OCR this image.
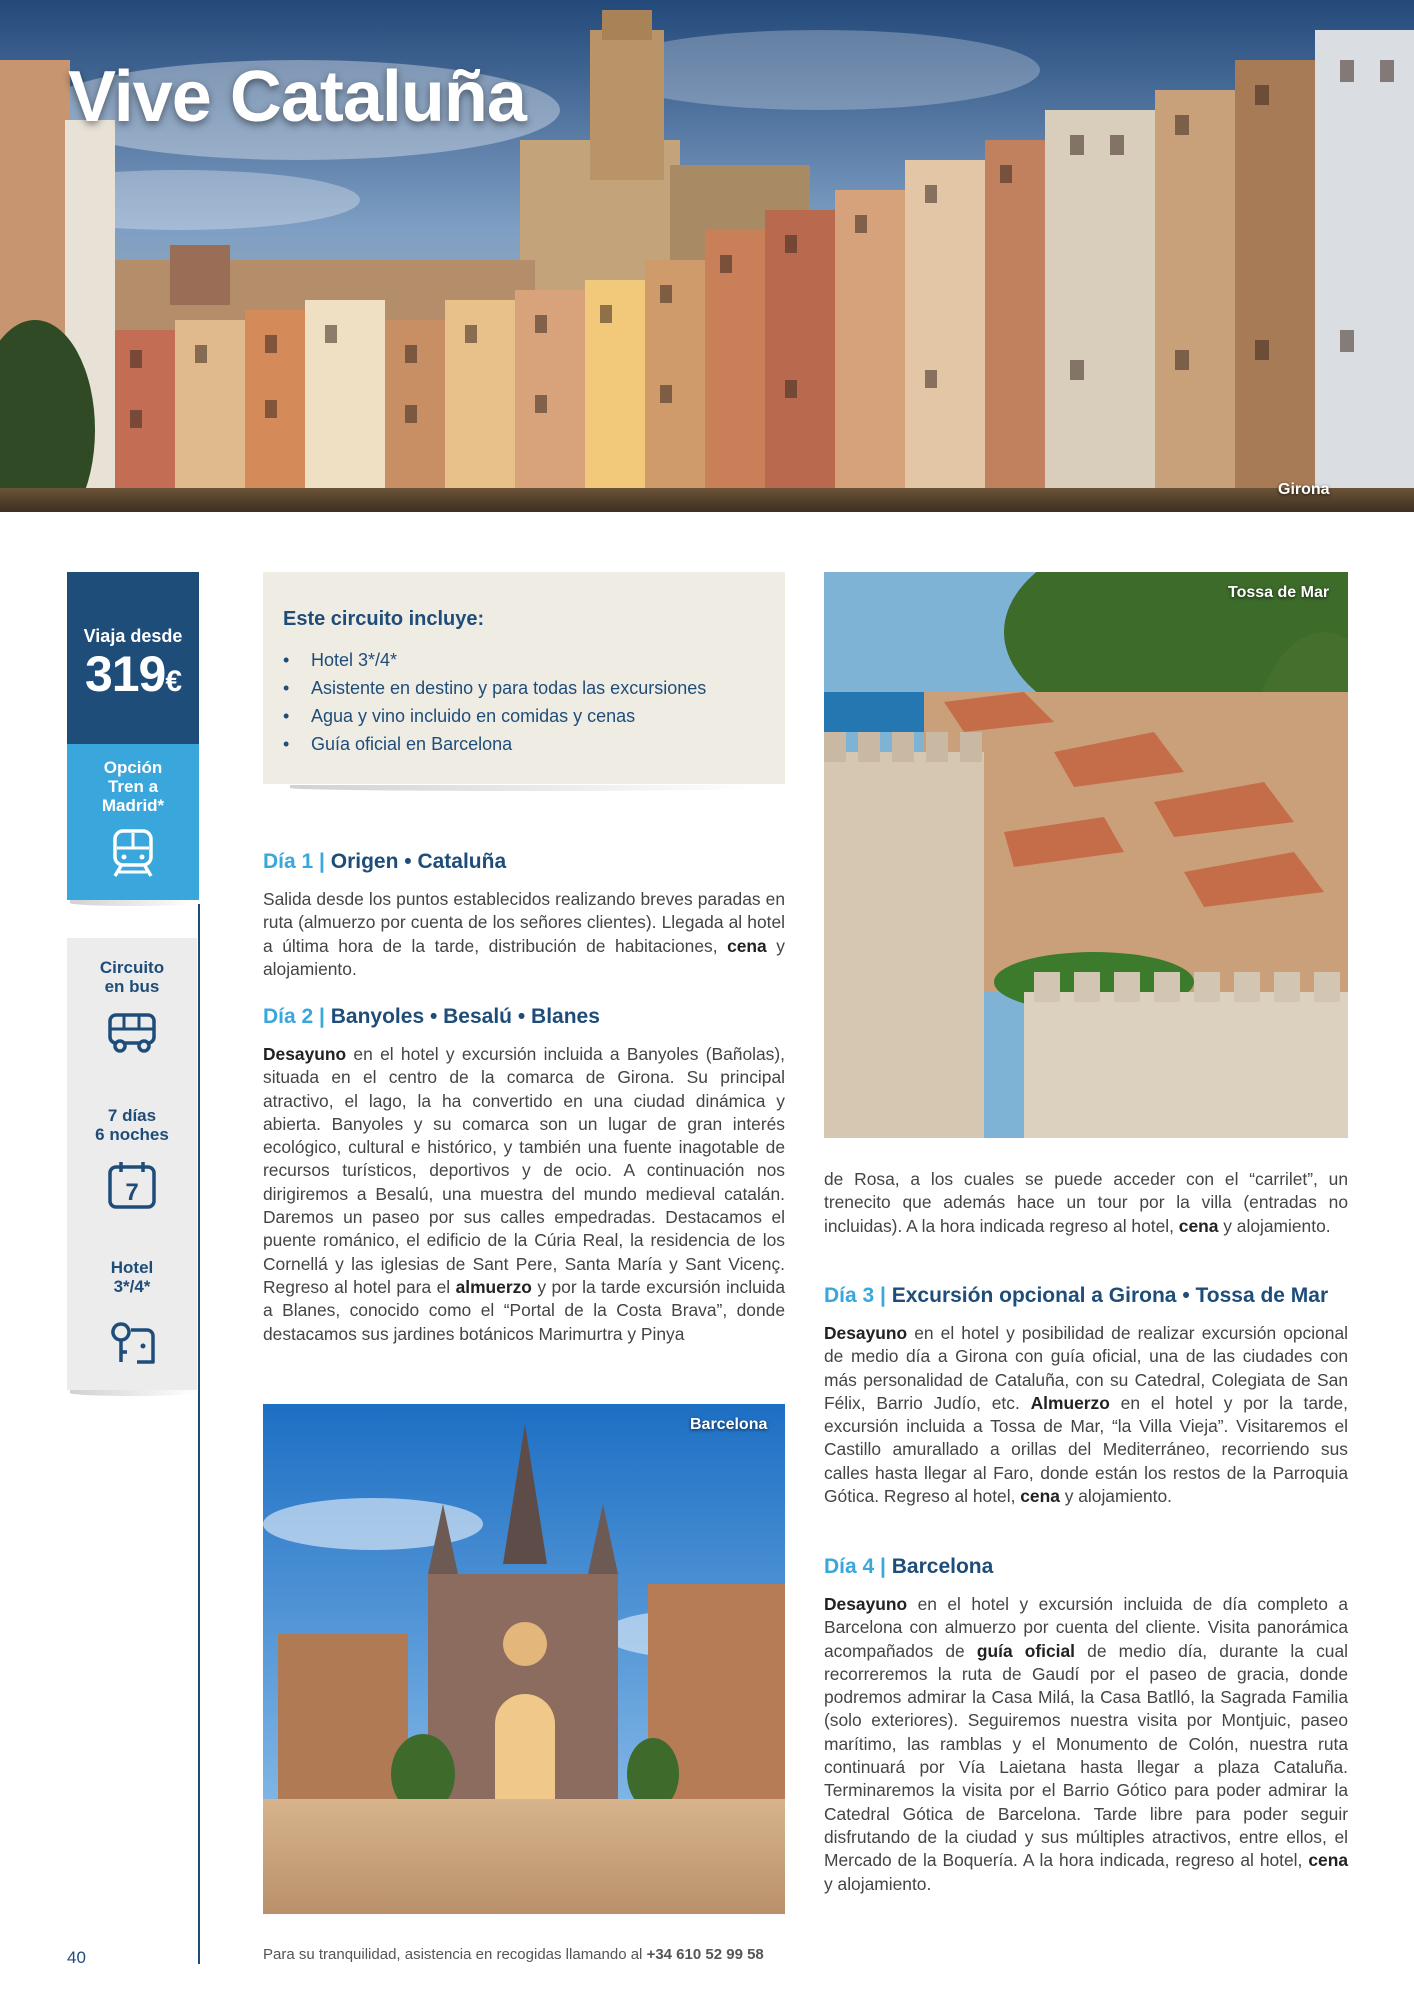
Vive Cataluña
Girona
Viaja desde
319€
Opción
Tren a
Madrid*
Circuito
en bus
7 días
6 noches
7
Hotel
3*/4*
Este circuito incluye:
• Hotel 3*/4*
• Asistente en destino y para todas las excursiones
• Agua y vino incluido en comidas y cenas
• Guía oficial en Barcelona
Día 1 | Origen • Cataluña

Salida desde los puntos establecidos realizando breves paradas en ruta (almuerzo por cuenta de los señores clientes). Llegada al hotel a última hora de la tarde, distribución de habitaciones, cena y alojamiento.

Día 2 | Banyoles • Besalú • Blanes

Desayuno en el hotel y excursión incluida a Banyoles (Bañolas), situada en el centro de la comarca de Girona. Su principal atractivo, el lago, la ha convertido en una ciudad dinámica y abierta. Banyoles y su comarca son un lugar de gran interés ecológico, cultural e histórico, y también una fuente inagotable de recursos turísticos, deportivos y de ocio. A continuación nos dirigiremos a Besalú, una muestra del mundo medieval catalán. Daremos un paseo por sus calles empedradas. Destacamos el puente románico, el edificio de la Cúria Real, la residencia de los Cornellá y las iglesias de Sant Pere, Santa María y Sant Vicenç. Regreso al hotel para el almuerzo y por la tarde excursión incluida a Blanes, conocido como el “Portal de la Costa Brava”, donde destacamos sus jardines botánicos Marimurtra y Pinya

Barcelona
Tossa de Mar

de Rosa, a los cuales se puede acceder con el “carrilet”, un trenecito que además hace un tour por la villa (entradas no incluidas). A la hora indicada regreso al hotel, cena y alojamiento.

Día 3 | Excursión opcional a Girona • Tossa de Mar

Desayuno en el hotel y posibilidad de realizar excursión opcional de medio día a Girona con guía oficial, una de las ciudades con más personalidad de Cataluña, con su Catedral, Colegiata de San Félix, Barrio Judío, etc. Almuerzo en el hotel y por la tarde, excursión incluida a Tossa de Mar, “la Villa Vieja”. Visitaremos el Castillo amurallado a orillas del Mediterráneo, recorriendo sus calles hasta llegar al Faro, donde están los restos de la Parroquia Gótica. Regreso al hotel, cena y alojamiento.

Día 4 | Barcelona

Desayuno en el hotel y excursión incluida de día completo a Barcelona con almuerzo por cuenta del cliente. Visita panorámica acompañados de guía oficial de medio día, durante la cual recorreremos la ruta de Gaudí por el paseo de gracia, donde podremos admirar la Casa Milá, la Casa Batlló, la Sagrada Familia (solo exteriores). Seguiremos nuestra visita por Montjuic, paseo marítimo, las ramblas y el Monumento de Colón, nuestra ruta continuará por Vía Laietana hasta llegar a plaza Cataluña. Terminaremos la visita por el Barrio Gótico para poder admirar la Catedral Gótica de Barcelona. Tarde libre para poder seguir disfrutando de la ciudad y sus múltiples atractivos, entre ellos, el Mercado de la Boquería. A la hora indicada, regreso al hotel, cena y alojamiento.

40	Para su tranquilidad, asistencia en recogidas llamando al +34 610 52 99 58
